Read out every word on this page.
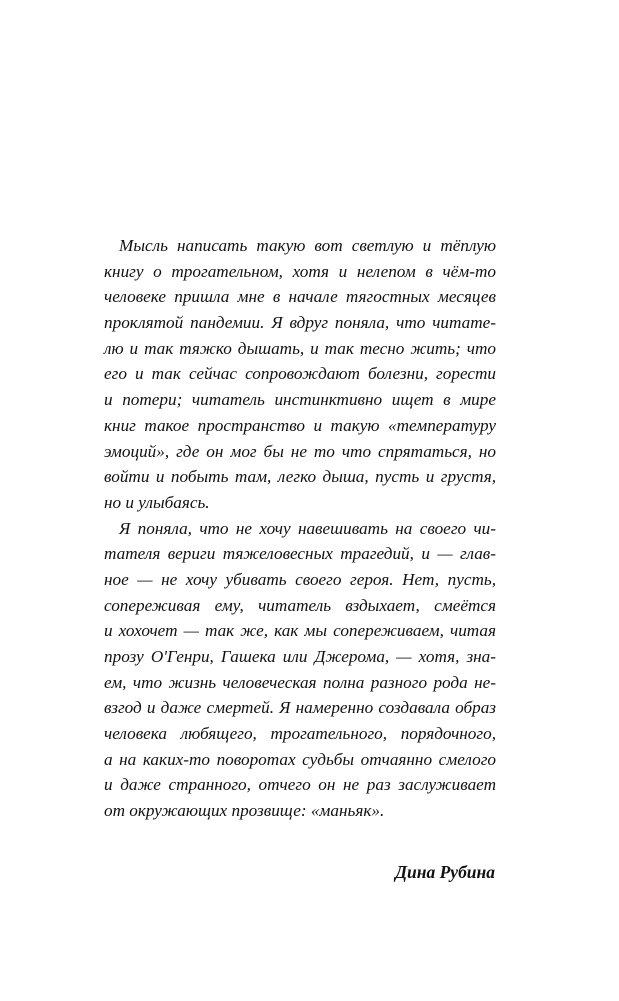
Мысль написать такую вот светлую и тёплую
книгу о трогательном, хотя и нелепом в чём-то
человеке пришла мне в начале тягостных месяцев
проклятой пандемии. Я вдруг поняла, что читате-
лю и так тяжко дышать, и так тесно жить; что
его и так сейчас сопровождают болезни, горести
и потери; читатель инстинктивно ищет в мире
книг такое пространство и такую «температуру
эмоций», где он мог бы не то что спрятаться, но
войти и побыть там, легко дыша, пусть и грустя,
но и улыбаясь.
Я поняла, что не хочу навешивать на своего чи-
тателя вериги тяжеловесных трагедий, и — глав-
ное — не хочу убивать своего героя. Нет, пусть,
сопереживая ему, читатель вздыхает, смеётся
и хохочет — так же, как мы сопереживаем, читая
прозу О'Генри, Гашека или Джерома, — хотя, зна-
ем, что жизнь человеческая полна разного рода не-
взгод и даже смертей. Я намеренно создавала образ
человека любящего, трогательного, порядочного,
а на каких-то поворотах судьбы отчаянно смелого
и даже странного, отчего он не раз заслуживает
от окружающих прозвище: «маньяк».
Дина Рубина
